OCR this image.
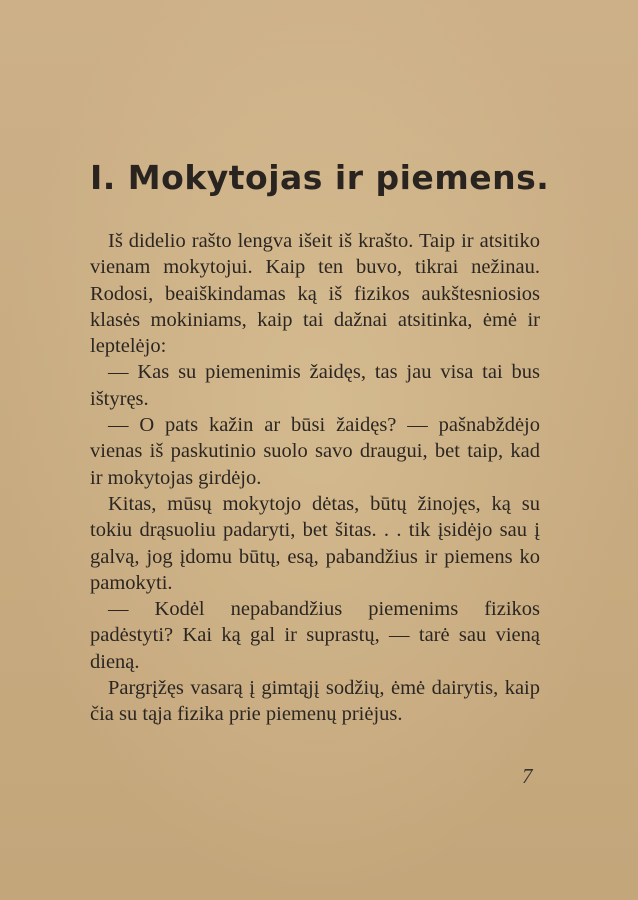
I. Mokytojas ir piemens.

Iš didelio rašto lengva išeit iš krašto. Taip ir atsitiko vienam mokytojui. Kaip ten buvo, tikrai nežinau. Rodosi, beaiškindamas ką iš fizikos aukštesniosios klasės mokiniams, kaip tai dažnai atsitinka, ėmė ir leptelėjo:

— Kas su piemenimis žaidęs, tas jau visa tai bus ištyręs.

— O pats kažin ar būsi žaidęs? — pašnabždėjo vienas iš paskutinio suolo savo draugui, bet taip, kad ir mokytojas girdėjo.

Kitas, mūsų mokytojo dėtas, būtų žinojęs, ką su tokiu drąsuoliu padaryti, bet šitas. . . tik įsidėjo sau į galvą, jog įdomu būtų, esą, pabandžius ir piemens ko pamokyti.

— Kodėl nepabandžius piemenims fizikos padėstyti? Kai ką gal ir suprastų, — tarė sau vieną dieną.

Pargrįžęs vasarą į gimtąjį sodžių, ėmė dairytis, kaip čia su tąja fizika prie piemenų priėjus.

7
